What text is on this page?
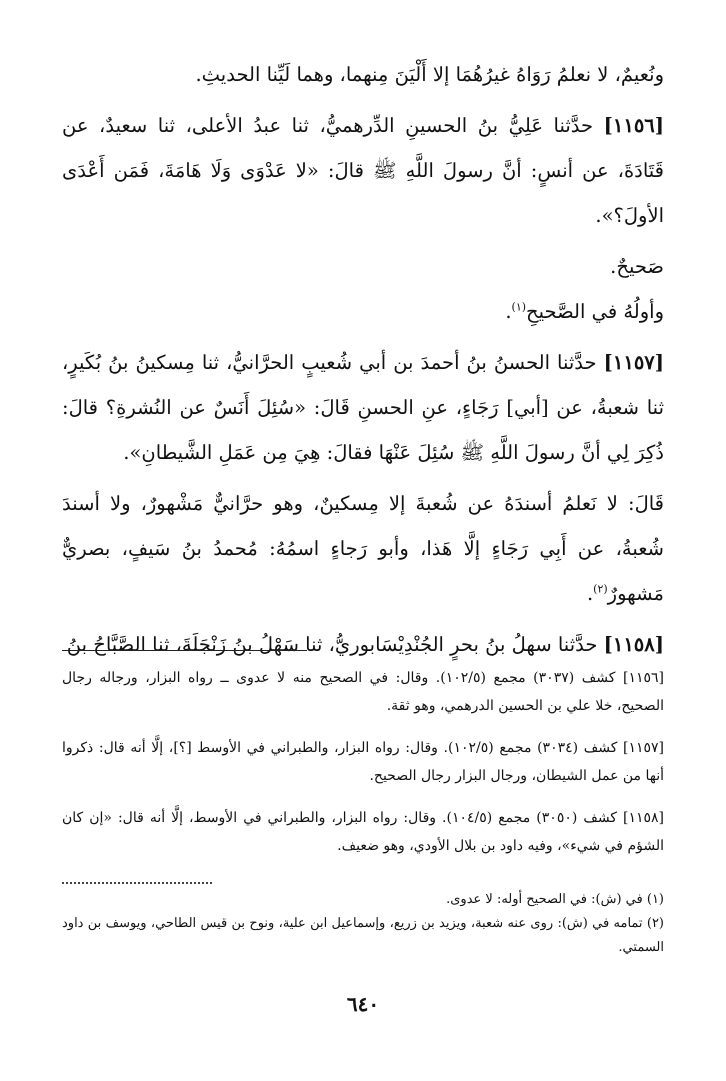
ونُعيمٌ، لا نعلمُ رَوَاهُ غيرُهُمَا إلا أَلْيَنَ مِنهما، وهما لَيِّنا الحديثِ.

[١١٥٦] حدَّثنا عَلِيُّ بنُ الحسينِ الدِّرهميُّ، ثنا عبدُ الأعلى، ثنا سعيدٌ، عن قَتَادَةَ، عن أنسٍ: أنَّ رسولَ اللَّهِ ﷺ قالَ: «لا عَدْوَى وَلَا هَامَةَ، فَمَن أَعْدَى الأولَ؟».

صَحيحٌ.

وأولُهُ في الصَّحيحِ$^{(١)}$.

[١١٥٧] حدَّثنا الحسنُ بنُ أحمدَ بن أبي شُعيبٍ الحرَّانيُّ، ثنا مِسكينُ بنُ بُكَيرٍ، ثنا شعبةُ، عن [أبي] رَجَاءٍ، عنِ الحسنِ قَالَ: «سُئِلَ أَنَسٌ عن النُشرةِ؟ قالَ: ذُكِرَ لِي أنَّ رسولَ اللَّهِ ﷺ سُئِلَ عَنْهَا فقالَ: هِيَ مِن عَمَلِ الشَّيطانِ».

قَالَ: لا نَعلمُ أسندَهُ عن شُعبةَ إلا مِسكينٌ، وهو حرَّانيٌّ مَشْهورٌ، ولا أسندَ شُعبةُ، عن أَبِي رَجَاءٍ إلَّا هَذا، وأبو رَجاءٍ اسمُهُ: مُحمدُ بنُ سَيفٍ، بصريٌّ مَشهورٌ$^{(٢)}$.

[١١٥٨] حدَّثنا سهلُ بنُ بحرٍ الجُنْدِيْسَابوريُّ، ثنا سَهْلُ بنُ زَنْجَلَةَ، ثنا الصَّبَّاحُ بنُ

[١١٥٦] كشف (٣٠٣٧) مجمع (١٠٢/٥). وقال: في الصحيح منه لا عدوى ــ رواه البزار، ورجاله رجال الصحيح، خلا علي بن الحسين الدرهمي، وهو ثقة.

[١١٥٧] كشف (٣٠٣٤) مجمع (١٠٢/٥). وقال: رواه البزار، والطبراني في الأوسط [؟]، إلَّا أنه قال: ذكروا أنها من عمل الشيطان، ورجال البزار رجال الصحيح.

[١١٥٨] كشف (٣٠٥٠) مجمع (١٠٤/٥). وقال: رواه البزار، والطبراني في الأوسط، إلَّا أنه قال: «إن كان الشؤم في شيء»، وفيه داود بن بلال الأودي، وهو ضعيف.

(١) في (ش): في الصحيح أوله: لا عدوى.

(٢) تمامه في (ش): روى عنه شعبة، ويزيد بن زريع، وإسماعيل ابن علية، ونوح بن قيس الطاحي، ويوسف بن داود السمتي.

٦٤٠
